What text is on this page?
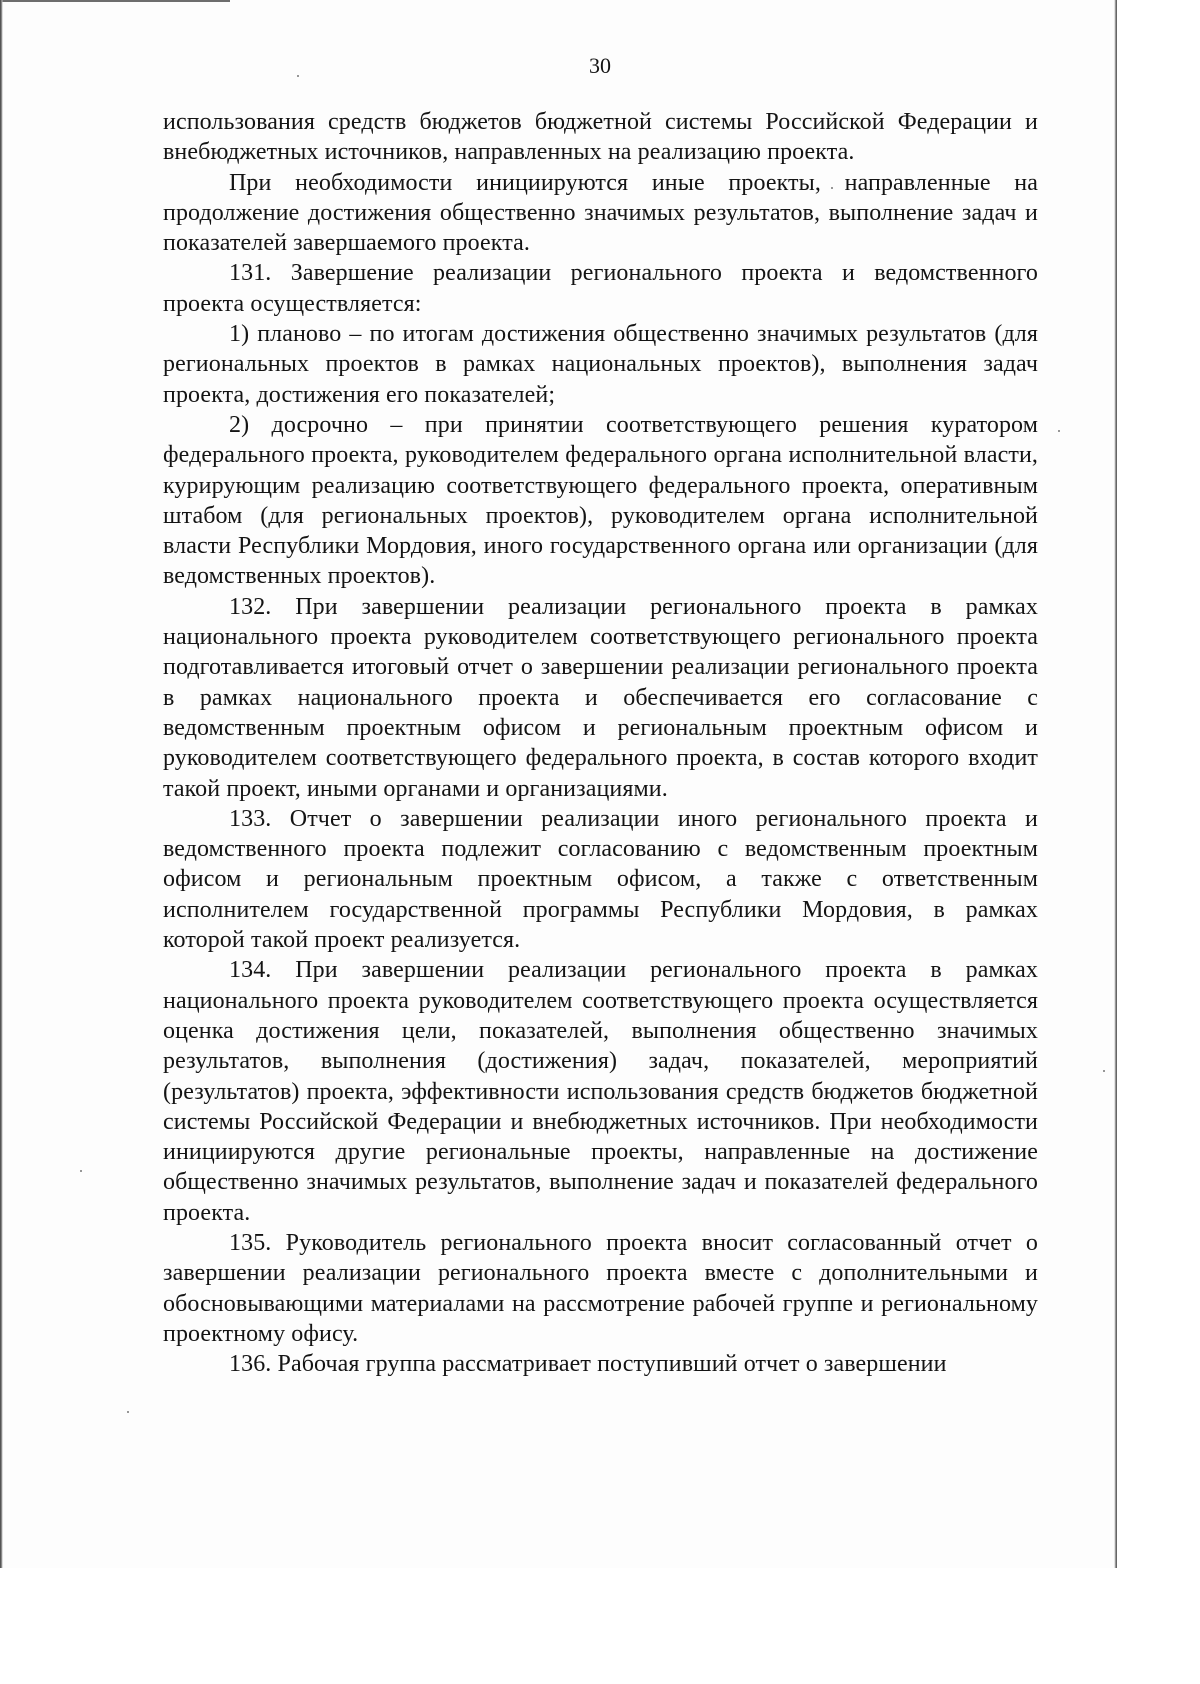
30

использования средств бюджетов бюджетной системы Российской Федерации и внебюджетных источников, направленных на реализацию проекта.

При необходимости инициируются иные проекты, направленные на продолжение достижения общественно значимых результатов, выполнение задач и показателей завершаемого проекта.

131. Завершение реализации регионального проекта и ведомственного проекта осуществляется:

1) планово – по итогам достижения общественно значимых результатов (для региональных проектов в рамках национальных проектов), выполнения задач проекта, достижения его показателей;

2) досрочно – при принятии соответствующего решения куратором федерального проекта, руководителем федерального органа исполнительной власти, курирующим реализацию соответствующего федерального проекта, оперативным штабом (для региональных проектов), руководителем органа исполнительной власти Республики Мордовия, иного государственного органа или организации (для ведомственных проектов).

132. При завершении реализации регионального проекта в рамках национального проекта руководителем соответствующего регионального проекта подготавливается итоговый отчет о завершении реализации регионального проекта в рамках национального проекта и обеспечивается его согласование с ведомственным проектным офисом и региональным проектным офисом и руководителем соответствующего федерального проекта, в состав которого входит такой проект, иными органами и организациями.

133. Отчет о завершении реализации иного регионального проекта и ведомственного проекта подлежит согласованию с ведомственным проектным офисом и региональным проектным офисом, а также с ответственным исполнителем государственной программы Республики Мордовия, в рамках которой такой проект реализуется.

134. При завершении реализации регионального проекта в рамках национального проекта руководителем соответствующего проекта осуществляется оценка достижения цели, показателей, выполнения общественно значимых результатов, выполнения (достижения) задач, показателей, мероприятий (результатов) проекта, эффективности использования средств бюджетов бюджетной системы Российской Федерации и внебюджетных источников. При необходимости инициируются другие региональные проекты, направленные на достижение общественно значимых результатов, выполнение задач и показателей федерального проекта.

135. Руководитель регионального проекта вносит согласованный отчет о завершении реализации регионального проекта вместе с дополнительными и обосновывающими материалами на рассмотрение рабочей группе и региональному проектному офису.

136. Рабочая группа рассматривает поступивший отчет о завершении
